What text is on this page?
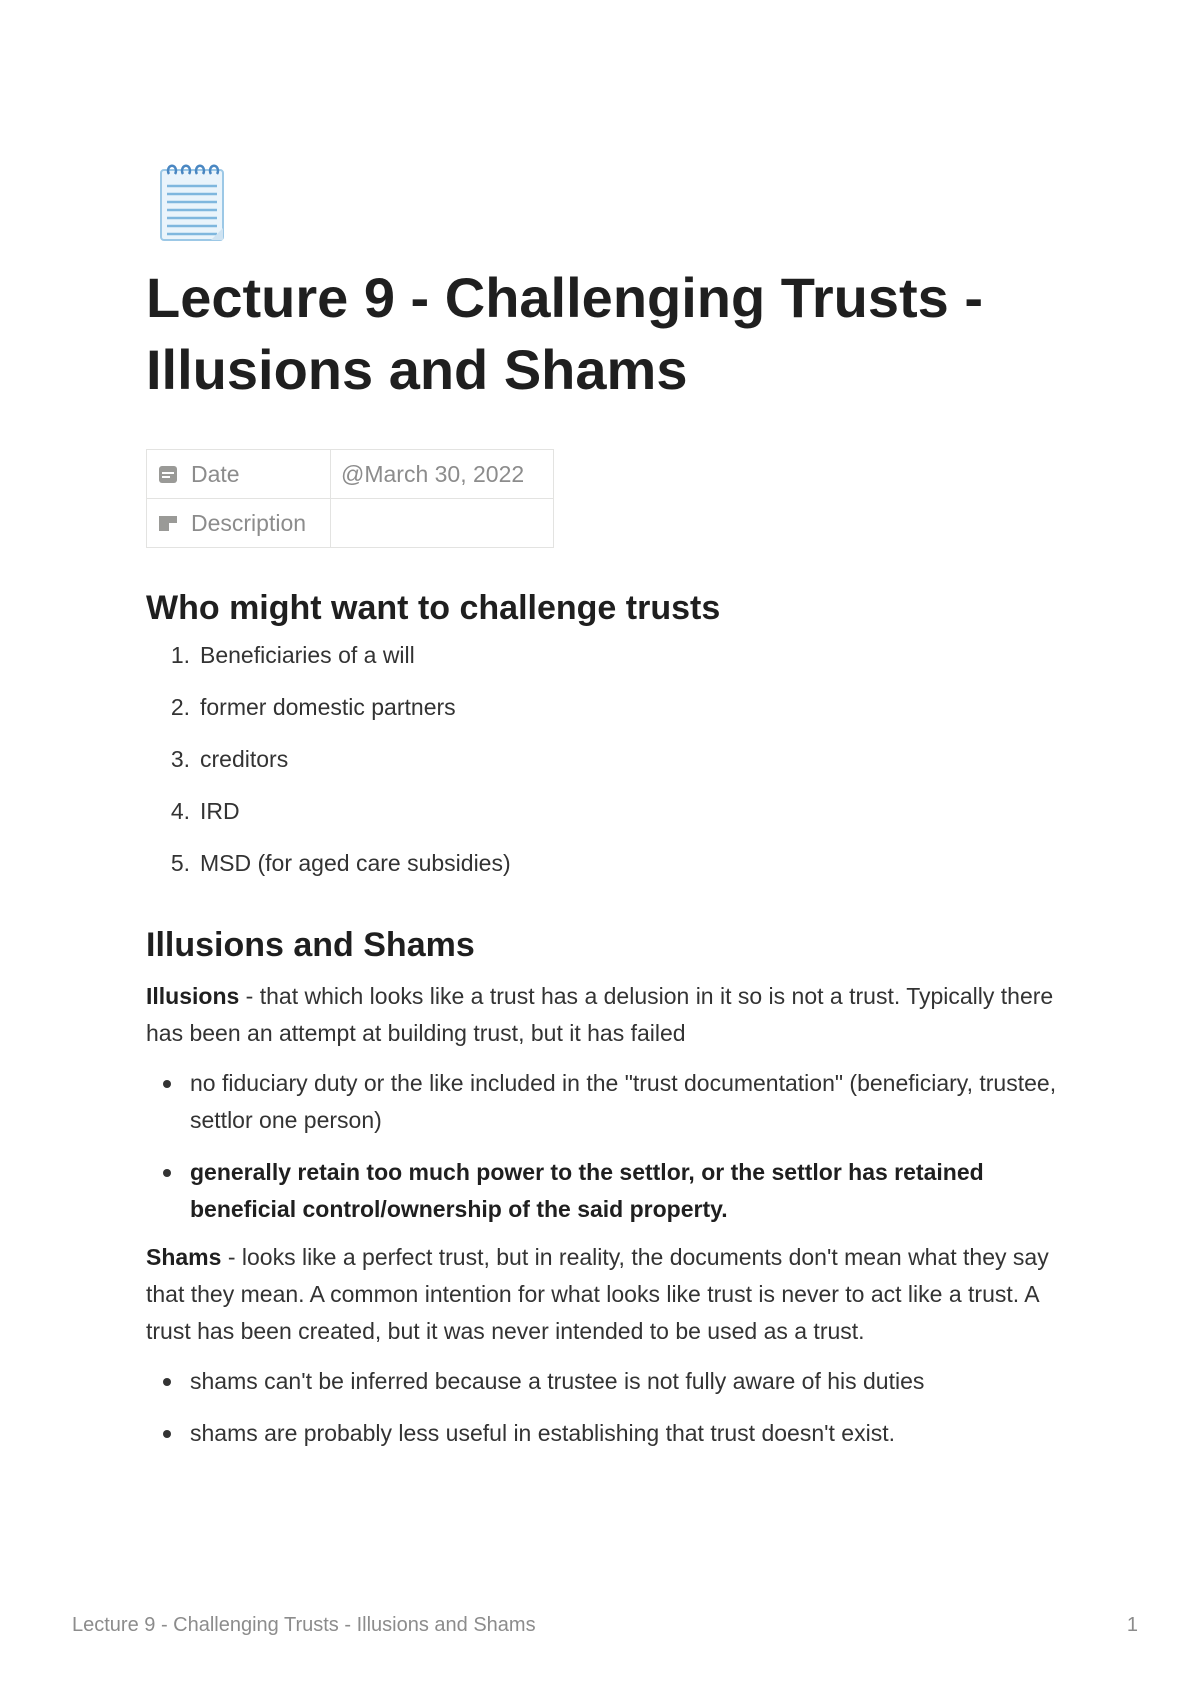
Lecture 9 - Challenging Trusts - Illusions and Shams
Date	@March 30, 2022

Description	

Who might want to challenge trusts
1. Beneficiaries of a will
2. former domestic partners
3. creditors
4. IRD
5. MSD (for aged care subsidies)
Illusions and Shams

Illusions - that which looks like a trust has a delusion in it so is not a trust. Typically there has been an attempt at building trust, but it has failed

no fiduciary duty or the like included in the "trust documentation" (beneficiary, trustee, settlor one person)
generally retain too much power to the settlor, or the settlor has retained beneficial control/ownership of the said property.

Shams - looks like a perfect trust, but in reality, the documents don't mean what they say that they mean. A common intention for what looks like trust is never to act like a trust. A trust has been created, but it was never intended to be used as a trust.

shams can't be inferred because a trustee is not fully aware of his duties
shams are probably less useful in establishing that trust doesn't exist.
Lecture 9 - Challenging Trusts - Illusions and Shams	1
